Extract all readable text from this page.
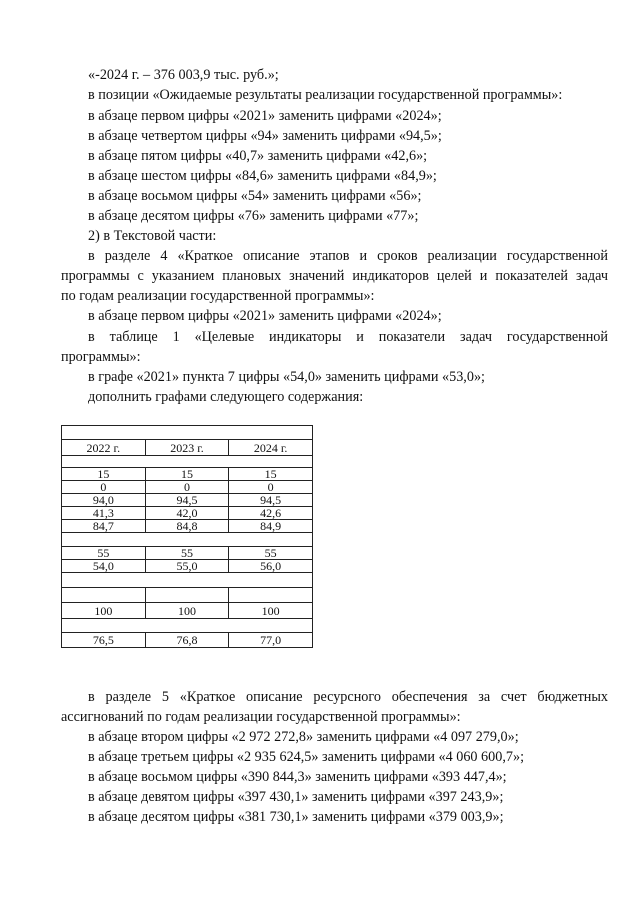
«-2024 г. – 376 003,9 тыс. руб.»;
в позиции «Ожидаемые результаты реализации государственной программы»:
в абзаце первом цифры «2021» заменить цифрами «2024»;
в абзаце четвертом цифры «94» заменить цифрами «94,5»;
в абзаце пятом цифры «40,7» заменить цифрами «42,6»;
в абзаце шестом цифры «84,6» заменить цифрами «84,9»;
в абзаце восьмом цифры «54» заменить цифрами «56»;
в абзаце десятом цифры «76» заменить цифрами «77»;
2) в Текстовой части:
в разделе 4 «Краткое описание этапов и сроков реализации государственной
программы с указанием плановых значений индикаторов целей и показателей задач
по годам реализации государственной программы»:
в абзаце первом цифры «2021» заменить цифрами «2024»;
в таблице 1 «Целевые индикаторы и показатели задач государственной
программы»:
в графе «2021» пункта 7 цифры «54,0» заменить цифрами «53,0»;
дополнить графами следующего содержания:

2022 г.	2023 г.	2024 г.

15	15	15
0	0	0
94,0	94,5	94,5
41,3	42,0	42,6
84,7	84,8	84,9

55	55	55
54,0	55,0	56,0

100	100	100

76,5	76,8	77,0
в разделе 5 «Краткое описание ресурсного обеспечения за счет бюджетных
ассигнований по годам реализации государственной программы»:
в абзаце втором цифры «2 972 272,8» заменить цифрами «4 097 279,0»;
в абзаце третьем цифры «2 935 624,5» заменить цифрами «4 060 600,7»;
в абзаце восьмом цифры «390 844,3» заменить цифрами «393 447,4»;
в абзаце девятом цифры «397 430,1» заменить цифрами «397 243,9»;
в абзаце десятом цифры «381 730,1» заменить цифрами «379 003,9»;
